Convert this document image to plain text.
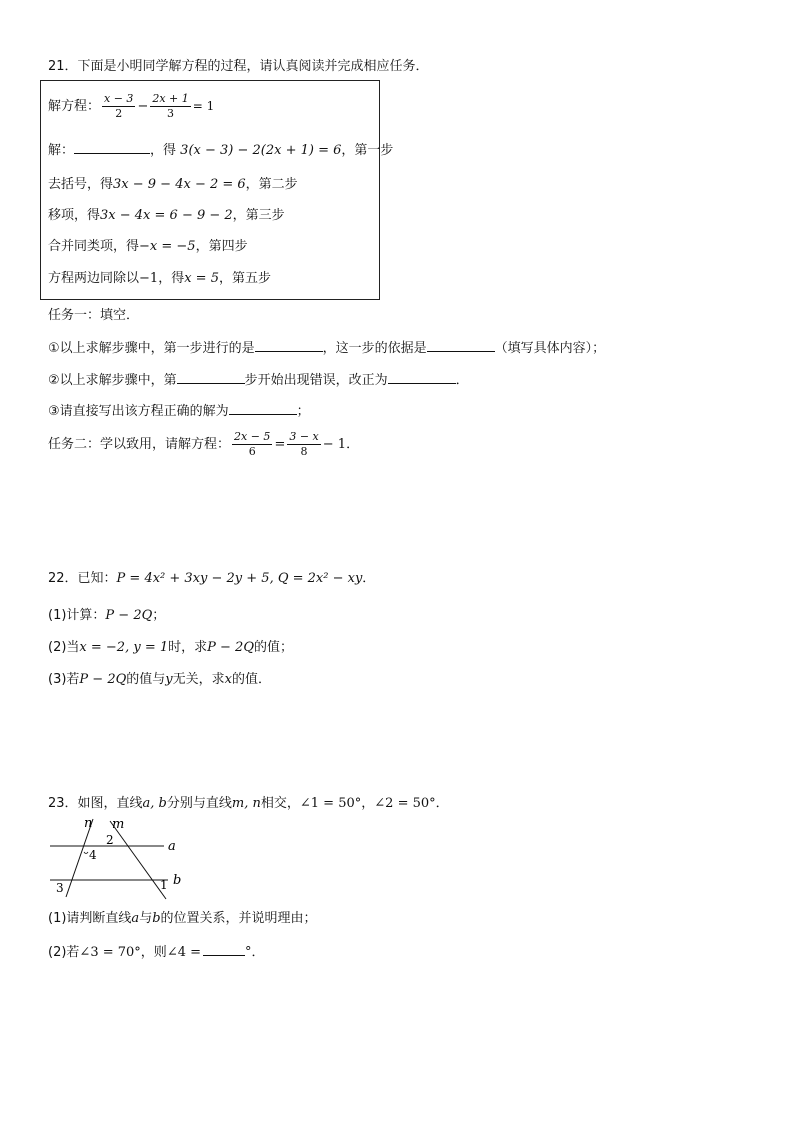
21．下面是小明同学解方程的过程，请认真阅读并完成相应任务．
解方程： $\frac{x - 3}{2} - \frac{2x + 1}{3} = 1$
解：	，得 3(x − 3) − 2(2x + 1) = 6，第一步
去括号，得3x − 9 − 4x − 2 = 6，第二步
移项，得3x − 4x = 6 − 9 − 2，第三步
合并同类项，得−x = −5，第四步
方程两边同除以−1，得x = 5，第五步
任务一：填空．
①以上求解步骤中，第一步进行的是	，这一步的依据是	（填写具体内容）；
②以上求解步骤中，第	步开始出现错误，改正为	．
③请直接写出该方程正确的解为	；
任务二：学以致用，请解方程： $\frac{2x - 5}{6} = \frac{3 - x}{8} - 1$．
22．已知：P = 4x² + 3xy − 2y + 5, Q = 2x² − xy．
(1)计算：P − 2Q；
(2)当x = −2, y = 1时，求P − 2Q的值；
(3)若P − 2Q的值与y无关，求x的值．
23．如图，直线a, b分别与直线m, n相交，∠1 = 50°，∠2 = 50°．
n m
a
b
2
4
3	1
(1)请判断直线a与b的位置关系，并说明理由；
(2)若∠3 = 70°，则∠4 =	°．
